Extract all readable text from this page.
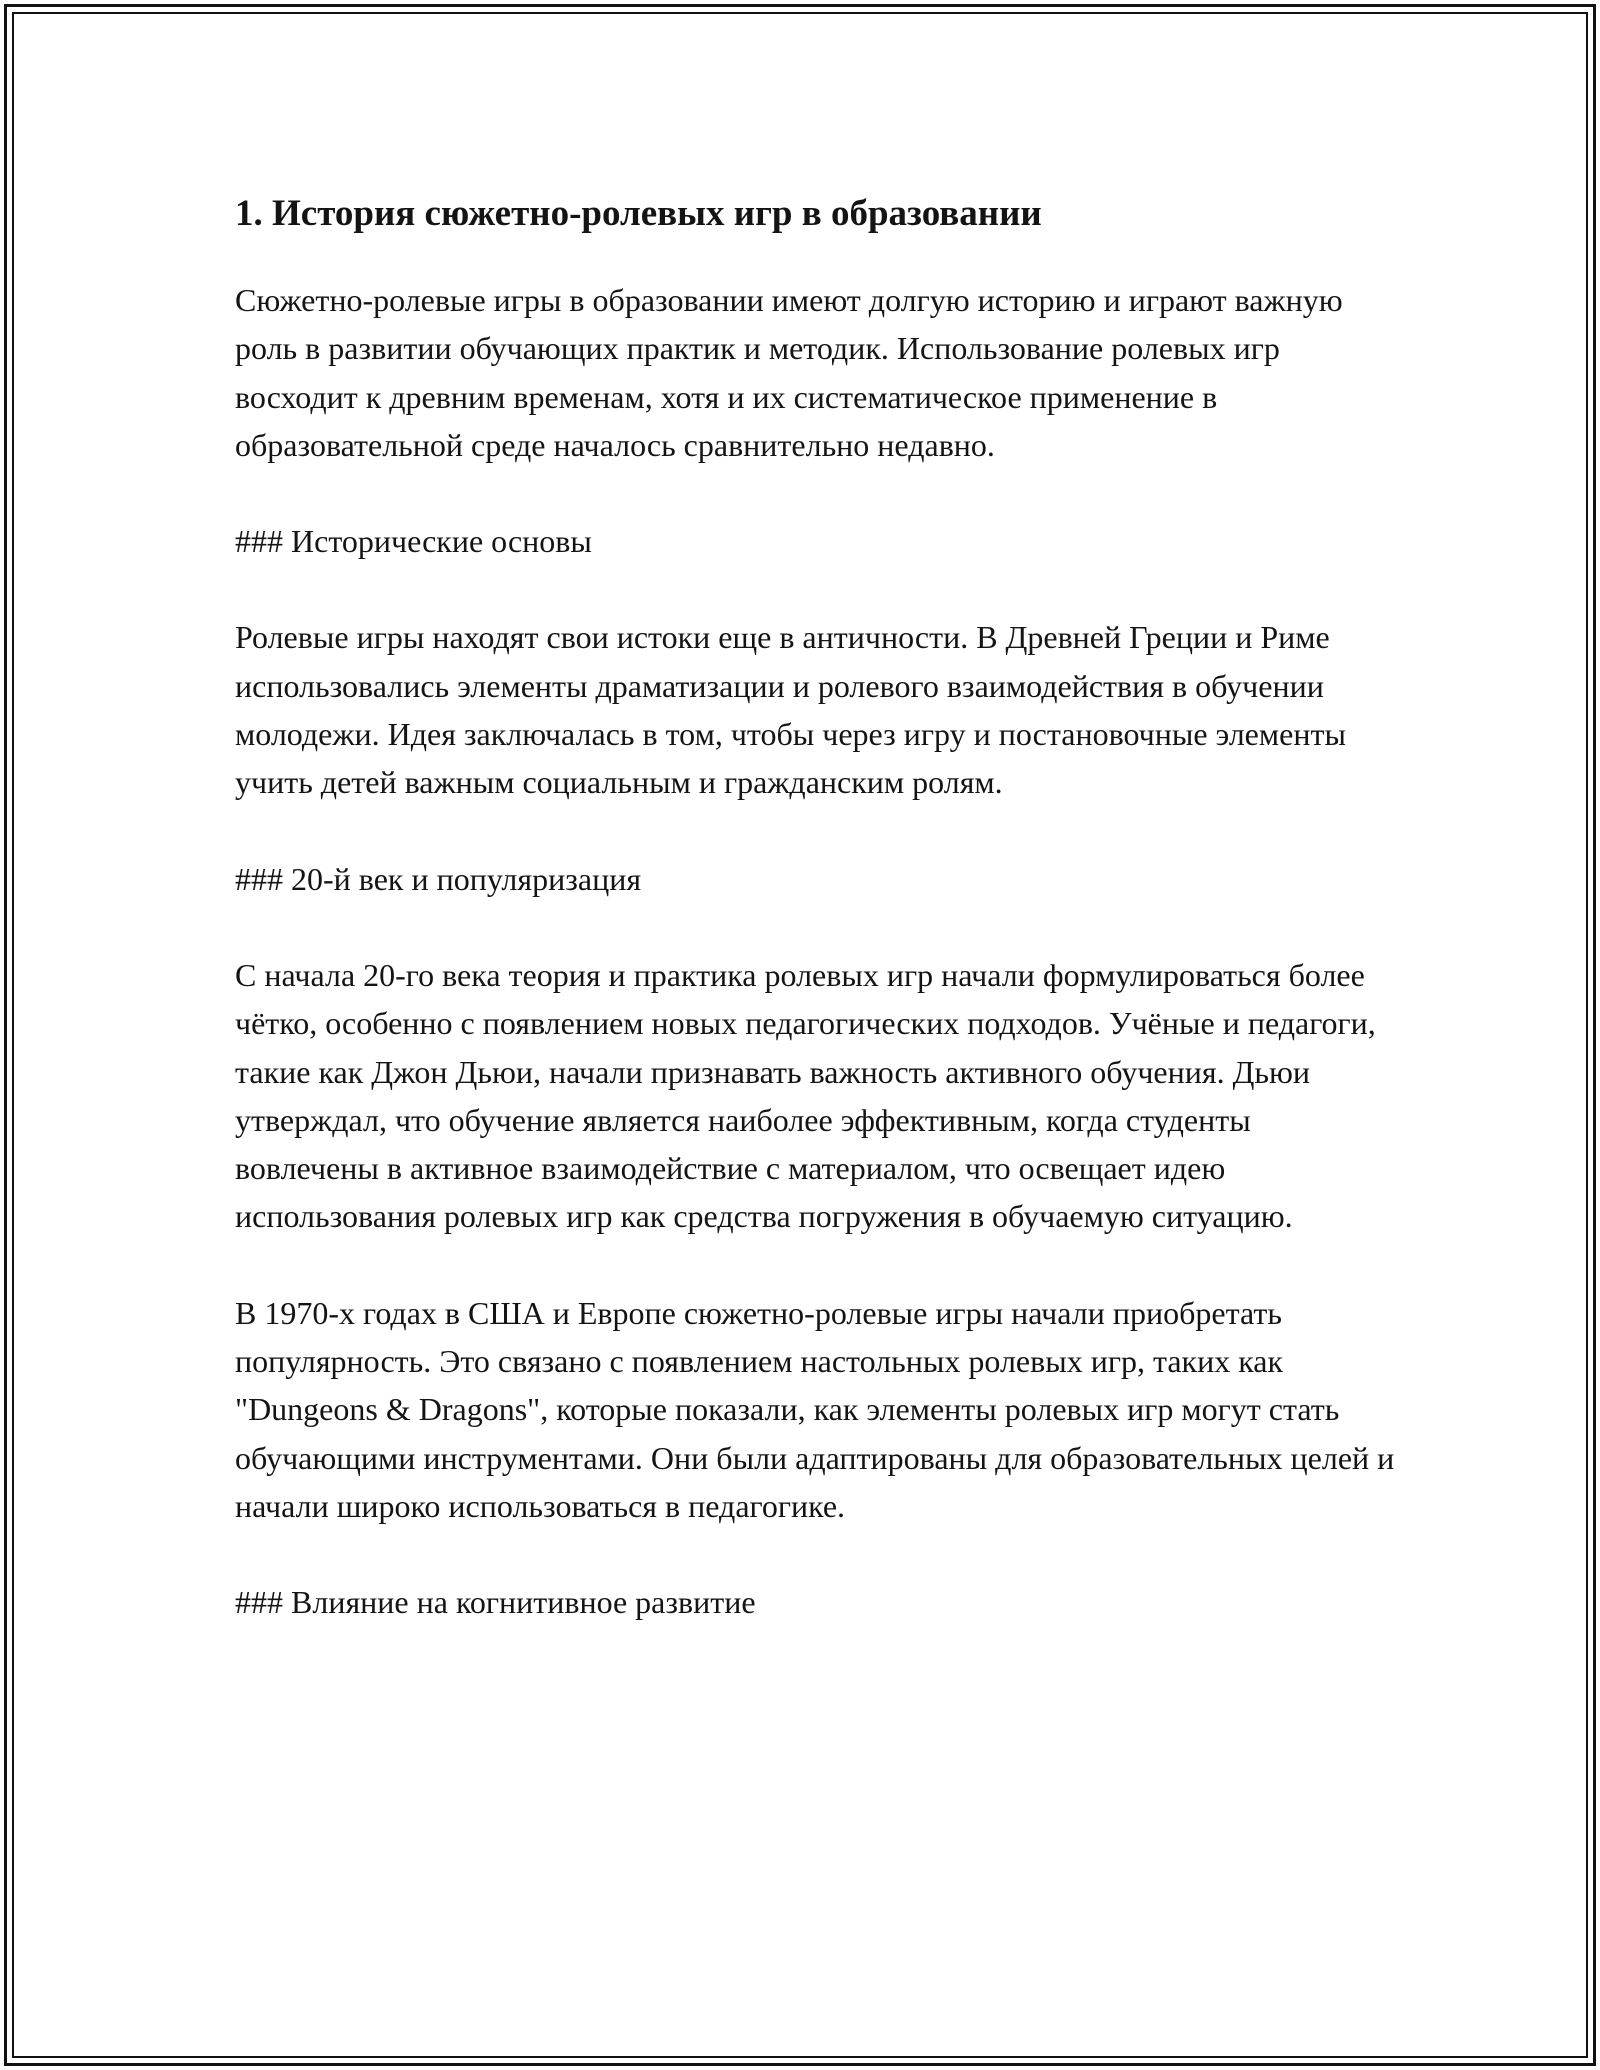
1. История сюжетно-ролевых игр в образовании

Сюжетно-ролевые игры в образовании имеют долгую историю и играют важную роль в развитии обучающих практик и методик. Использование ролевых игр восходит к древним временам, хотя и их систематическое применение в образовательной среде началось сравнительно недавно.

### Исторические основы

Ролевые игры находят свои истоки еще в античности. В Древней Греции и Риме использовались элементы драматизации и ролевого взаимодействия в обучении молодежи. Идея заключалась в том, чтобы через игру и постановочные элементы учить детей важным социальным и гражданским ролям.

### 20-й век и популяризация

С начала 20-го века теория и практика ролевых игр начали формулироваться более чётко, особенно с появлением новых педагогических подходов. Учёные и педагоги, такие как Джон Дьюи, начали признавать важность активного обучения. Дьюи утверждал, что обучение является наиболее эффективным, когда студенты вовлечены в активное взаимодействие с материалом, что освещает идею использования ролевых игр как средства погружения в обучаемую ситуацию.

В 1970-х годах в США и Европе сюжетно-ролевые игры начали приобретать популярность. Это связано с появлением настольных ролевых игр, таких как "Dungeons & Dragons", которые показали, как элементы ролевых игр могут стать обучающими инструментами. Они были адаптированы для образовательных целей и начали широко использоваться в педагогике.

### Влияние на когнитивное развитие
